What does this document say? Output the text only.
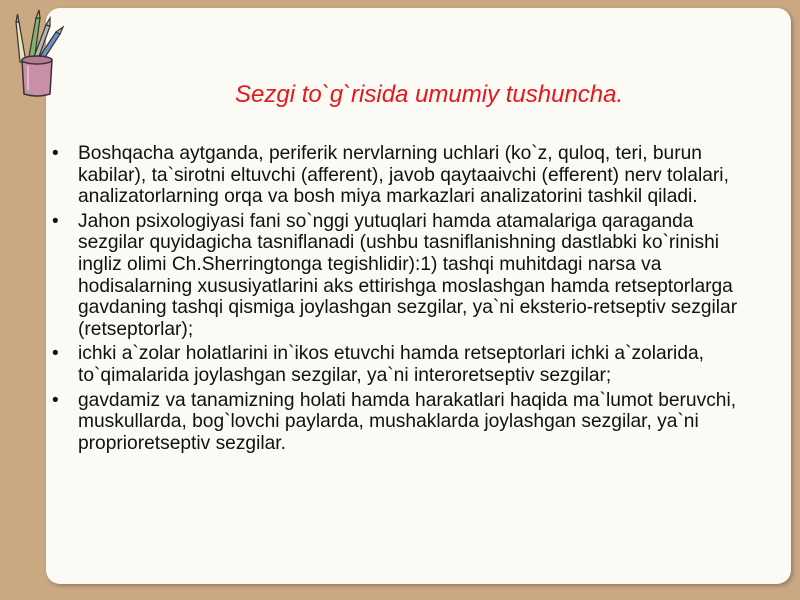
Sezgi to`g`risida umumiy tushuncha.
•	Boshqacha aytganda, periferik nervlarning uchlari (ko`z, quloq, teri, burun kabilar), ta`sirotni eltuvchi (afferent), javob qaytaaivchi (efferent) nerv tolalari, analizatorlarning orqa va bosh miya markazlari analizatorini tashkil qiladi.
•	Jahon psixologiyasi fani so`nggi yutuqlari hamda atamalariga qaraganda sezgilar quyidagicha tasniflanadi (ushbu tasniflanishning dastlabki ko`rinishi ingliz olimi Ch.Sherringtonga tegishlidir):1) tashqi muhitdagi narsa va hodisalarning xususiyatlarini aks ettirishga moslashgan hamda retseptorlarga gavdaning tashqi qismiga joylashgan sezgilar, ya`ni eksterio-retseptiv sezgilar (retseptorlar);
•	ichki a`zolar holatlarini in`ikos etuvchi hamda retseptorlari ichki a`zolarida, to`qimalarida joylashgan sezgilar, ya`ni interoretseptiv sezgilar;
•	gavdamiz va tanamizning holati hamda harakatlari haqida ma`lumot beruvchi, muskullarda, bog`lovchi paylarda, mushaklarda joylashgan sezgilar, ya`ni proprioretseptiv sezgilar.
